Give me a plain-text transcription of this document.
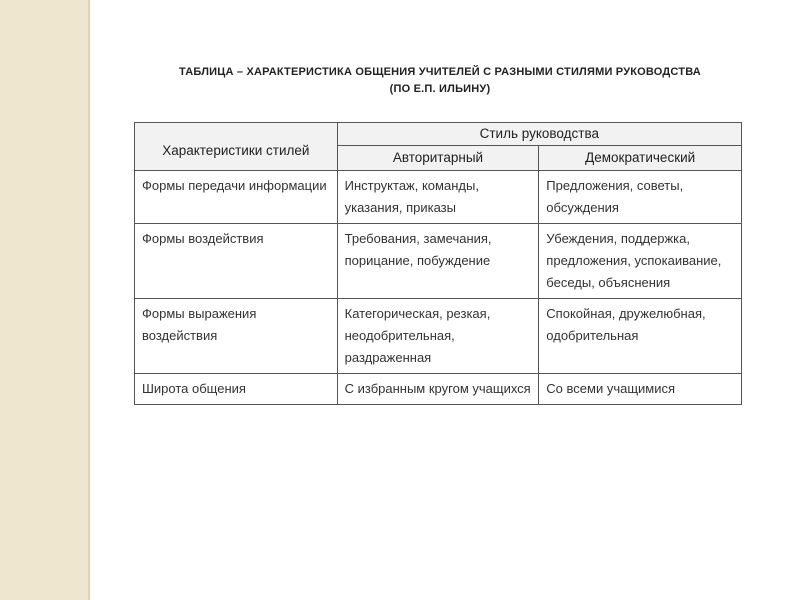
ТАБЛИЦА – ХАРАКТЕРИСТИКА ОБЩЕНИЯ УЧИТЕЛЕЙ С РАЗНЫМИ СТИЛЯМИ РУКОВОДСТВА
(ПО Е.П. ИЛЬИНУ)
Характеристики стилей	Стиль руководства	
	Авторитарный	Демократический
Формы передачи информации	Инструктаж, команды, указания, приказы	Предложения, советы, обсуждения
Формы воздействия	Требования, замечания, порицание, побуждение	Убеждения, поддержка, предложения, успокаивание, беседы, объяснения
Формы выражения воздействия	Категорическая, резкая, неодобрительная, раздраженная	Спокойная, дружелюбная, одобрительная
Широта общения	С избранным кругом учащихся	Со всеми учащимися
